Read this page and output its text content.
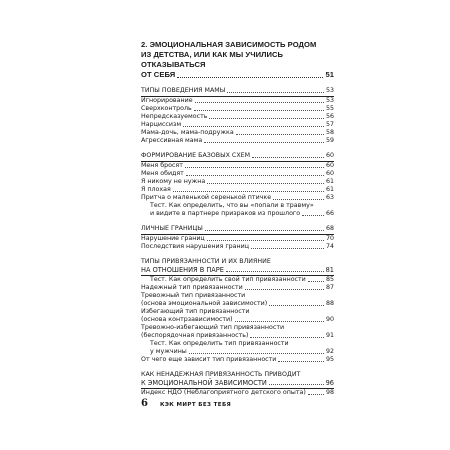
2. ЭМОЦИОНАЛЬНАЯ ЗАВИСИМОСТЬ РОДОМ
ИЗ ДЕТСТВА, ИЛИ КАК МЫ УЧИЛИСЬ ОТКАЗЫВАТЬСЯ
ОТ СЕБЯ	51
ТИПЫ ПОВЕДЕНИЯ МАМЫ	53
Игнорирование	53
Сверхконтроль	55
Непредсказуемость	56
Нарциссизм	57
Мама-дочь, мама-подружка	58
Агрессивная мама	59
ФОРМИРОВАНИЕ БАЗОВЫХ СХЕМ	60
Меня бросят	60
Меня обидят	60
Я никому не нужна	61
Я плохая	61
Притча о маленькой серенькой птичке	63
Тест. Как определить, что вы «попали в травму»
и видите в партнере призраков из прошлого	66
ЛИЧНЫЕ ГРАНИЦЫ	68
Нарушение границ	70
Последствия нарушения границ	74
ТИПЫ ПРИВЯЗАННОСТИ И ИХ ВЛИЯНИЕ
НА ОТНОШЕНИЯ В ПАРЕ	81
Тест. Как определить свой тип привязанности	85
Надежный тип привязанности	87
Тревожный тип привязанности
(основа эмоциональной зависимости)	88
Избегающий тип привязанности
(основа контрзависимости)	90
Тревожно-избегающий тип привязанности
(беспорядочная привязанность)	91
Тест. Как определить тип привязанности
у мужчины	92
От чего еще зависит тип привязанности	95
КАК НЕНАДЕЖНАЯ ПРИВЯЗАННОСТЬ ПРИВОДИТ
К ЭМОЦИОНАЛЬНОЙ ЗАВИСИМОСТИ	96
Индекс НДО (Неблагоприятного детского опыта)	98
6 КЭК МИРТ БЕЗ ТЕБЯ
